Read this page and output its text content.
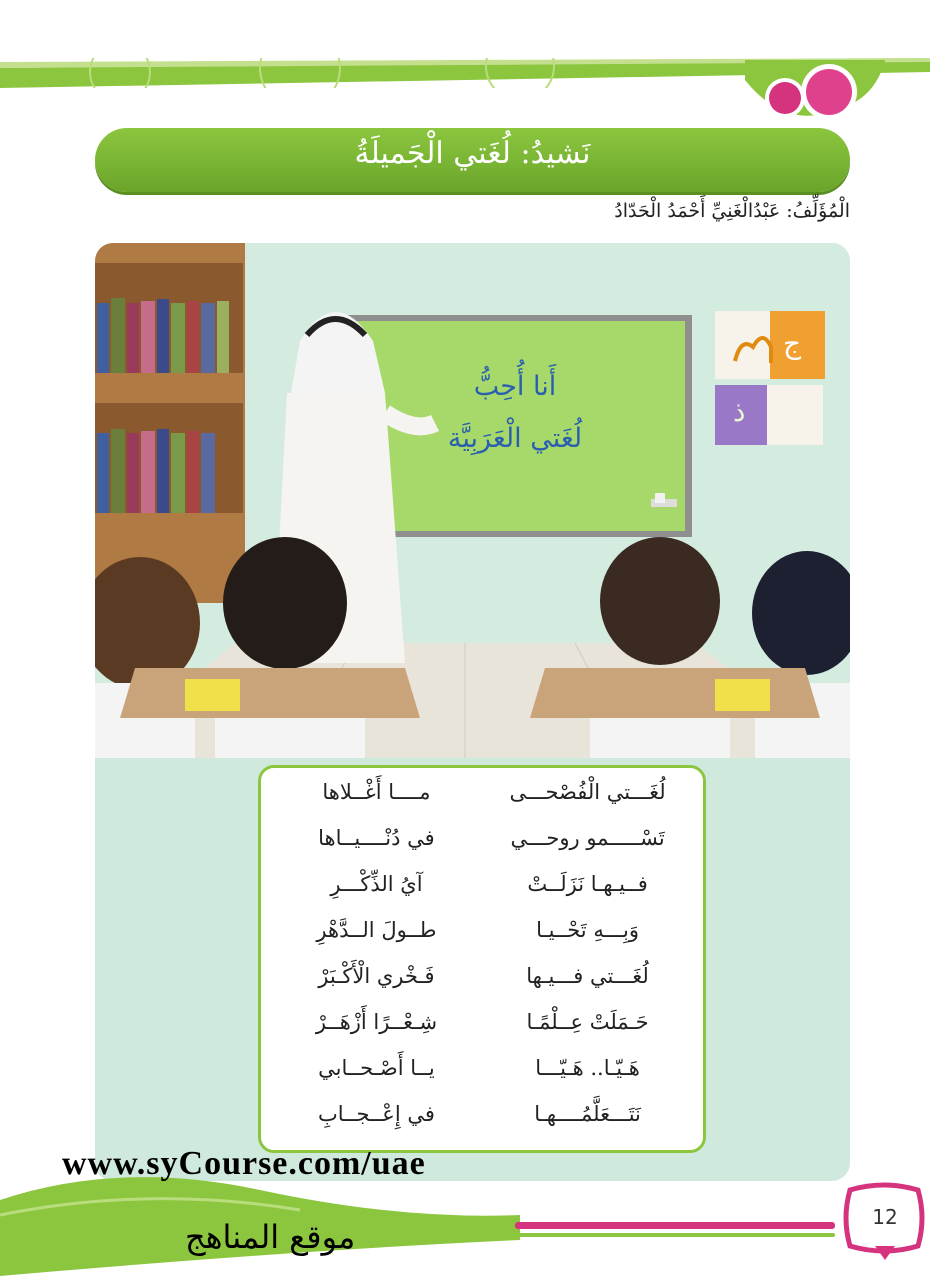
نَشيدُ: لُغَتي الْجَميلَةُ
الْمُؤَلِّفُ: عَبْدُالْغَنِيِّ أَحْمَدُ الْحَدّادُ
أَنا أُحِبُّ
لُغَتي الْعَرَبِيَّة
ج
ذ
لُغَـــتي الْفُصْحـــى
مــــا أَغْــلاها
تَسْـــــمو روحـــي
في دُنْــــيــاها
فــيـهـا نَزَلَــتْ
آيُ الذِّكْـــرِ
وَبِـــهِ تَحْــيـا
طــولَ الــدَّهْرِ
لُغَـــتي فـــيـها
فَـخْري الْأَكْـبَرْ
حَـمَلَتْ عِــلْمًـا
شِـعْــرًا أَزْهَــرْ
هَـيّـا.. هَـيّـــا
يــا أَصْـحــابي
نَتَـــعَلَّمُــــهـا
في إِعْــجــابِ
12
www.syCourse.com/uae
موقع المناهج
